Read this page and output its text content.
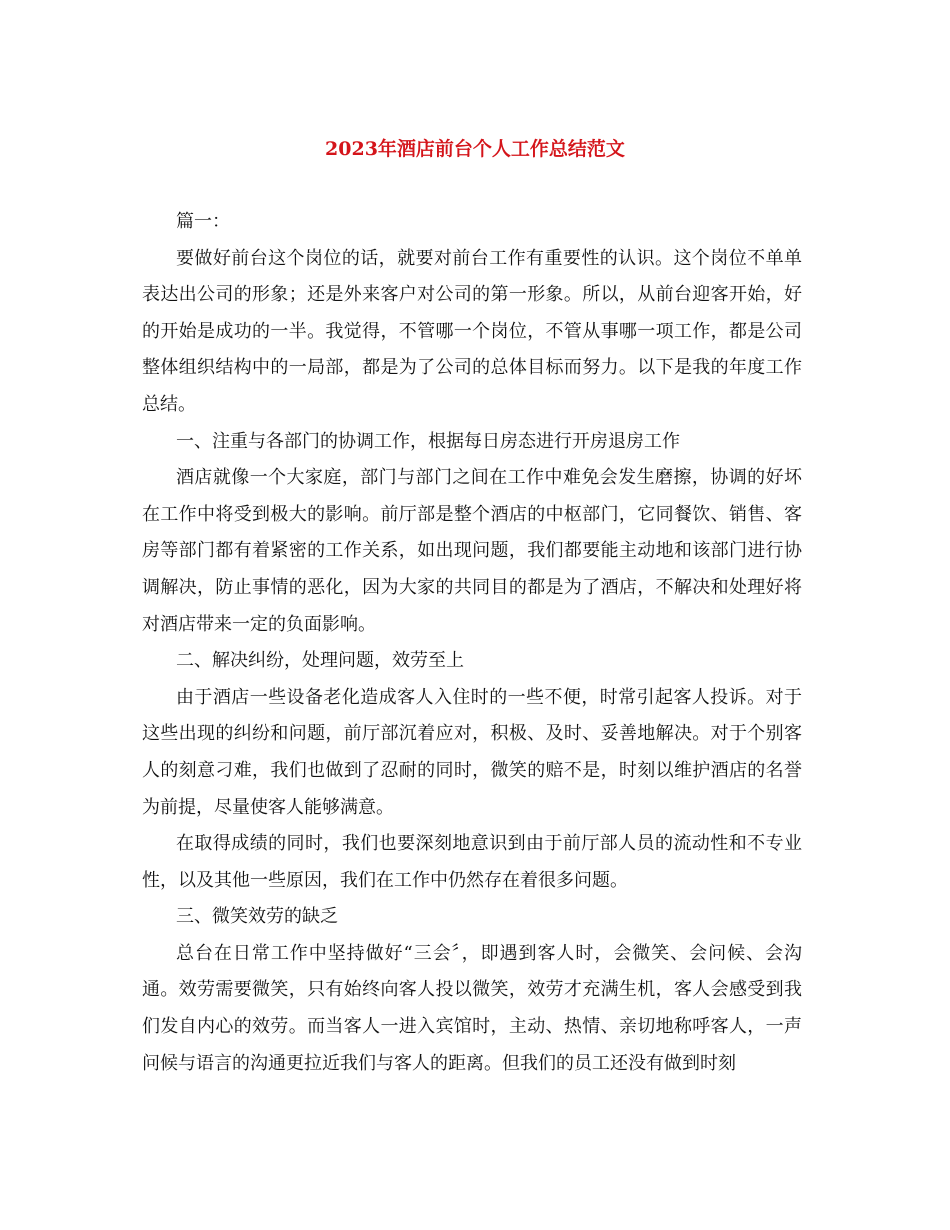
2023年酒店前台个人工作总结范文

篇一：

要做好前台这个岗位的话，就要对前台工作有重要性的认识。这个岗位不单单表达出公司的形象；还是外来客户对公司的第一形象。所以，从前台迎客开始，好的开始是成功的一半。我觉得，不管哪一个岗位，不管从事哪一项工作，都是公司整体组织结构中的一局部，都是为了公司的总体目标而努力。以下是我的年度工作总结。

一、注重与各部门的协调工作，根据每日房态进行开房退房工作

酒店就像一个大家庭，部门与部门之间在工作中难免会发生磨擦，协调的好坏在工作中将受到极大的影响。前厅部是整个酒店的中枢部门，它同餐饮、销售、客房等部门都有着紧密的工作关系，如出现问题，我们都要能主动地和该部门进行协调解决，防止事情的恶化，因为大家的共同目的都是为了酒店，不解决和处理好将对酒店带来一定的负面影响。

二、解决纠纷，处理问题，效劳至上

由于酒店一些设备老化造成客人入住时的一些不便，时常引起客人投诉。对于这些出现的纠纷和问题，前厅部沉着应对，积极、及时、妥善地解决。对于个别客人的刻意刁难，我们也做到了忍耐的同时，微笑的赔不是，时刻以维护酒店的名誉为前提，尽量使客人能够满意。

在取得成绩的同时，我们也要深刻地意识到由于前厅部人员的流动性和不专业性，以及其他一些原因，我们在工作中仍然存在着很多问题。

三、微笑效劳的缺乏

总台在日常工作中坚持做好“三会〞，即遇到客人时，会微笑、会问候、会沟通。效劳需要微笑，只有始终向客人投以微笑，效劳才充满生机，客人会感受到我们发自内心的效劳。而当客人一进入宾馆时，主动、热情、亲切地称呼客人，一声问候与语言的沟通更拉近我们与客人的距离。但我们的员工还没有做到时刻
